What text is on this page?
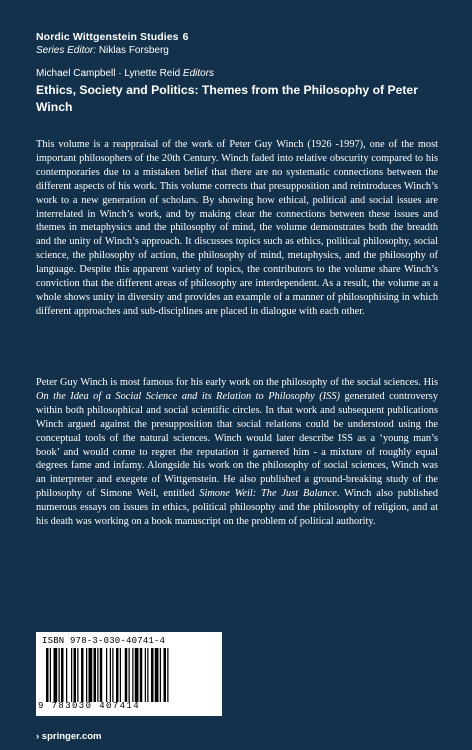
Nordic Wittgenstein Studies 6
Series Editor: Niklas Forsberg
Michael Campbell · Lynette Reid Editors
Ethics, Society and Politics: Themes from the Philosophy of Peter Winch
This volume is a reappraisal of the work of Peter Guy Winch (1926 -1997), one of the most important philosophers of the 20th Century. Winch faded into relative obscurity compared to his contemporaries due to a mistaken belief that there are no systematic connections between the different aspects of his work. This volume corrects that presupposition and reintroduces Winch’s work to a new generation of scholars. By showing how ethical, political and social issues are interrelated in Winch’s work, and by making clear the connections between these issues and themes in metaphysics and the philosophy of mind, the volume demonstrates both the breadth and the unity of Winch’s approach. It discusses topics such as ethics, political philosophy, social science, the philosophy of action, the philosophy of mind, metaphysics, and the philosophy of language. Despite this apparent variety of topics, the contributors to the volume share Winch’s conviction that the different areas of philosophy are interdependent. As a result, the volume as a whole shows unity in diversity and provides an example of a manner of philosophising in which different approaches and sub-disciplines are placed in dialogue with each other.
Peter Guy Winch is most famous for his early work on the philosophy of the social sciences. His On the Idea of a Social Science and its Relation to Philosophy (ISS) generated controversy within both philosophical and social scientific circles. In that work and subsequent publications Winch argued against the presupposition that social relations could be understood using the conceptual tools of the natural sciences. Winch would later describe ISS as a ‘young man’s book’ and would come to regret the reputation it garnered him - a mixture of roughly equal degrees fame and infamy. Alongside his work on the philosophy of social sciences, Winch was an interpreter and exegete of Wittgenstein. He also published a ground-breaking study of the philosophy of Simone Weil, entitled Simone Weil: The Just Balance. Winch also published numerous essays on issues in ethics, political philosophy and the philosophy of religion, and at his death was working on a book manuscript on the problem of political authority.
ISBN 978-3-030-40741-4
9 783030 407414
› springer.com
